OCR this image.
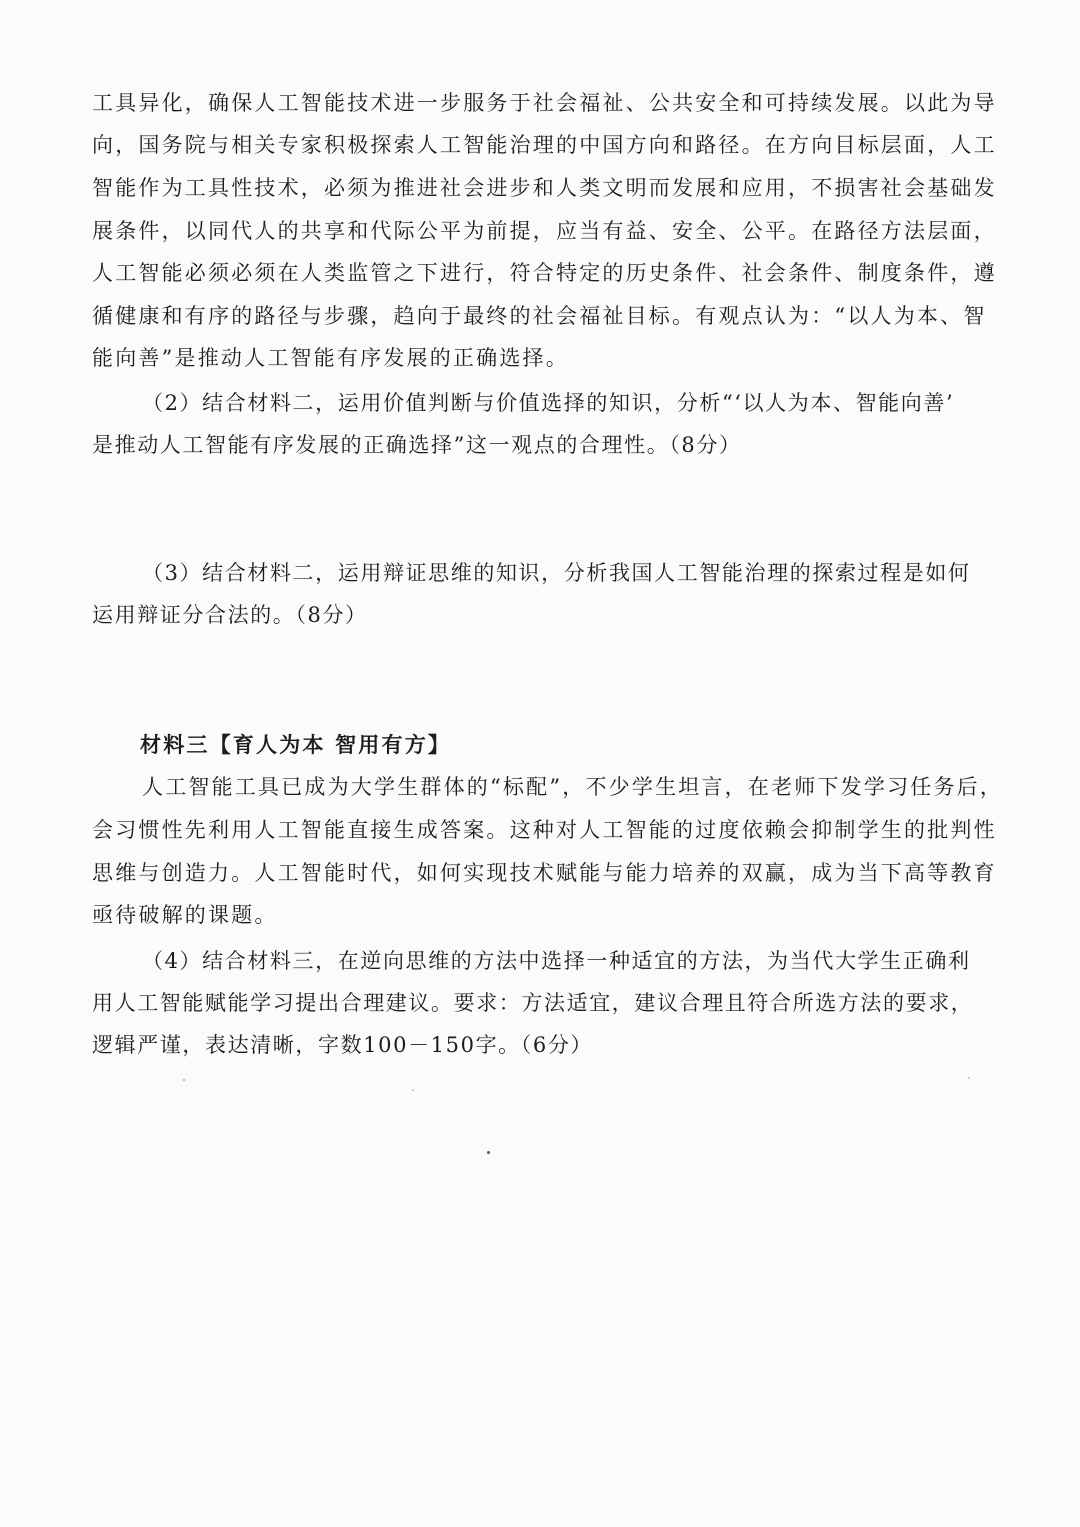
工具异化，确保人工智能技术进一步服务于社会福祉、公共安全和可持续发展。以此为导
向，国务院与相关专家积极探索人工智能治理的中国方向和路径。在方向目标层面，人工
智能作为工具性技术，必须为推进社会进步和人类文明而发展和应用，不损害社会基础发
展条件，以同代人的共享和代际公平为前提，应当有益、安全、公平。在路径方法层面，
人工智能必须必须在人类监管之下进行，符合特定的历史条件、社会条件、制度条件，遵
循健康和有序的路径与步骤，趋向于最终的社会福祉目标。有观点认为：“以人为本、智
能向善”是推动人工智能有序发展的正确选择。
（2）结合材料二，运用价值判断与价值选择的知识，分析“‘以人为本、智能向善’
是推动人工智能有序发展的正确选择”这一观点的合理性。（8分）
（3）结合材料二，运用辩证思维的知识，分析我国人工智能治理的探索过程是如何
运用辩证分合法的。（8分）
材料三【育人为本 智用有方】
人工智能工具已成为大学生群体的“标配”，不少学生坦言，在老师下发学习任务后，
会习惯性先利用人工智能直接生成答案。这种对人工智能的过度依赖会抑制学生的批判性
思维与创造力。人工智能时代，如何实现技术赋能与能力培养的双赢，成为当下高等教育
亟待破解的课题。
（4）结合材料三，在逆向思维的方法中选择一种适宜的方法，为当代大学生正确利
用人工智能赋能学习提出合理建议。要求：方法适宜，建议合理且符合所选方法的要求，
逻辑严谨，表达清晰，字数100－150字。（6分）
